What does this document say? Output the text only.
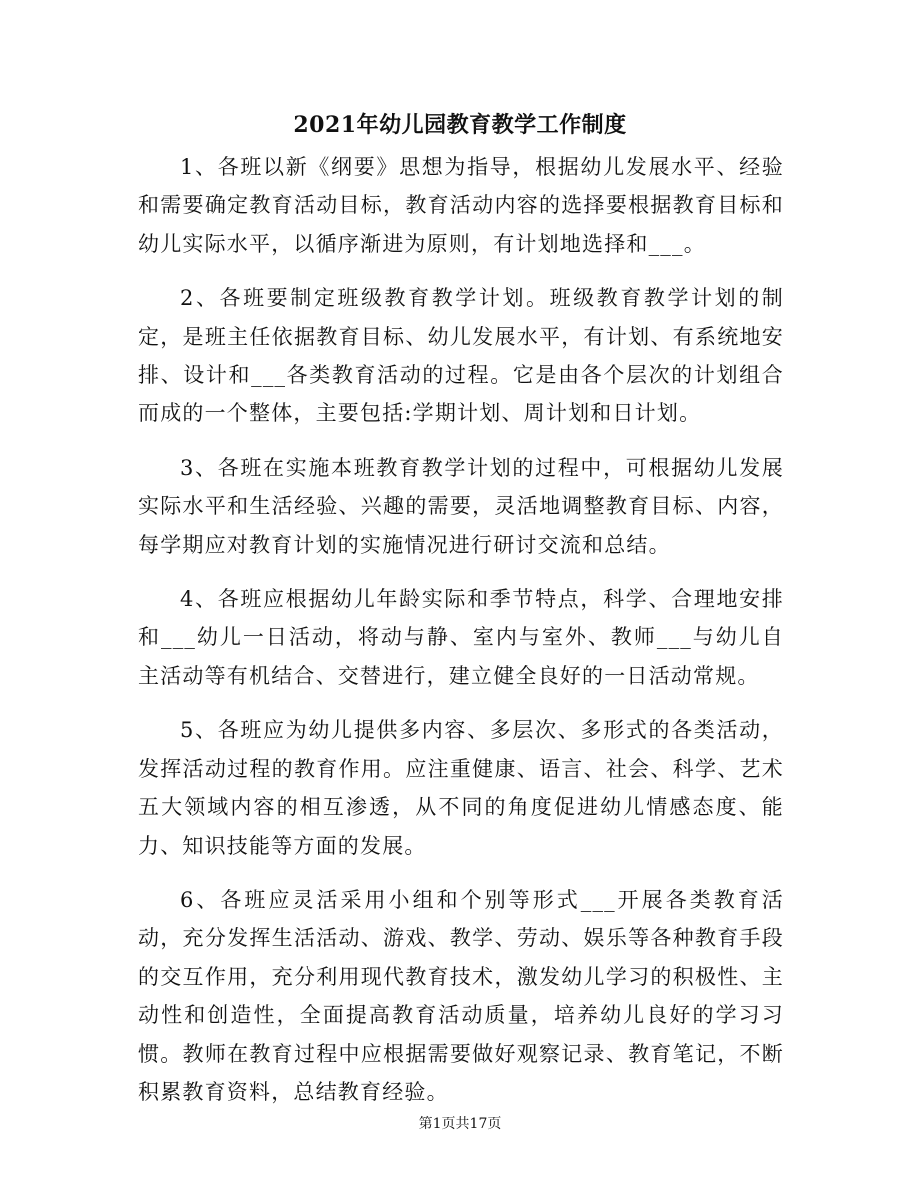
2021年幼儿园教育教学工作制度

1、各班以新《纲要》思想为指导，根据幼儿发展水平、经验和需要确定教育活动目标，教育活动内容的选择要根据教育目标和幼儿实际水平，以循序渐进为原则，有计划地选择和___。

2、各班要制定班级教育教学计划。班级教育教学计划的制定，是班主任依据教育目标、幼儿发展水平，有计划、有系统地安排、设计和___各类教育活动的过程。它是由各个层次的计划组合而成的一个整体，主要包括:学期计划、周计划和日计划。

3、各班在实施本班教育教学计划的过程中，可根据幼儿发展实际水平和生活经验、兴趣的需要，灵活地调整教育目标、内容，每学期应对教育计划的实施情况进行研讨交流和总结。

4、各班应根据幼儿年龄实际和季节特点，科学、合理地安排和___幼儿一日活动，将动与静、室内与室外、教师___与幼儿自主活动等有机结合、交替进行，建立健全良好的一日活动常规。

5、各班应为幼儿提供多内容、多层次、多形式的各类活动，发挥活动过程的教育作用。应注重健康、语言、社会、科学、艺术五大领域内容的相互渗透，从不同的角度促进幼儿情感态度、能力、知识技能等方面的发展。

6、各班应灵活采用小组和个别等形式___开展各类教育活动，充分发挥生活活动、游戏、教学、劳动、娱乐等各种教育手段的交互作用，充分利用现代教育技术，激发幼儿学习的积极性、主动性和创造性，全面提高教育活动质量，培养幼儿良好的学习习惯。教师在教育过程中应根据需要做好观察记录、教育笔记，不断积累教育资料，总结教育经验。

第1页共17页
